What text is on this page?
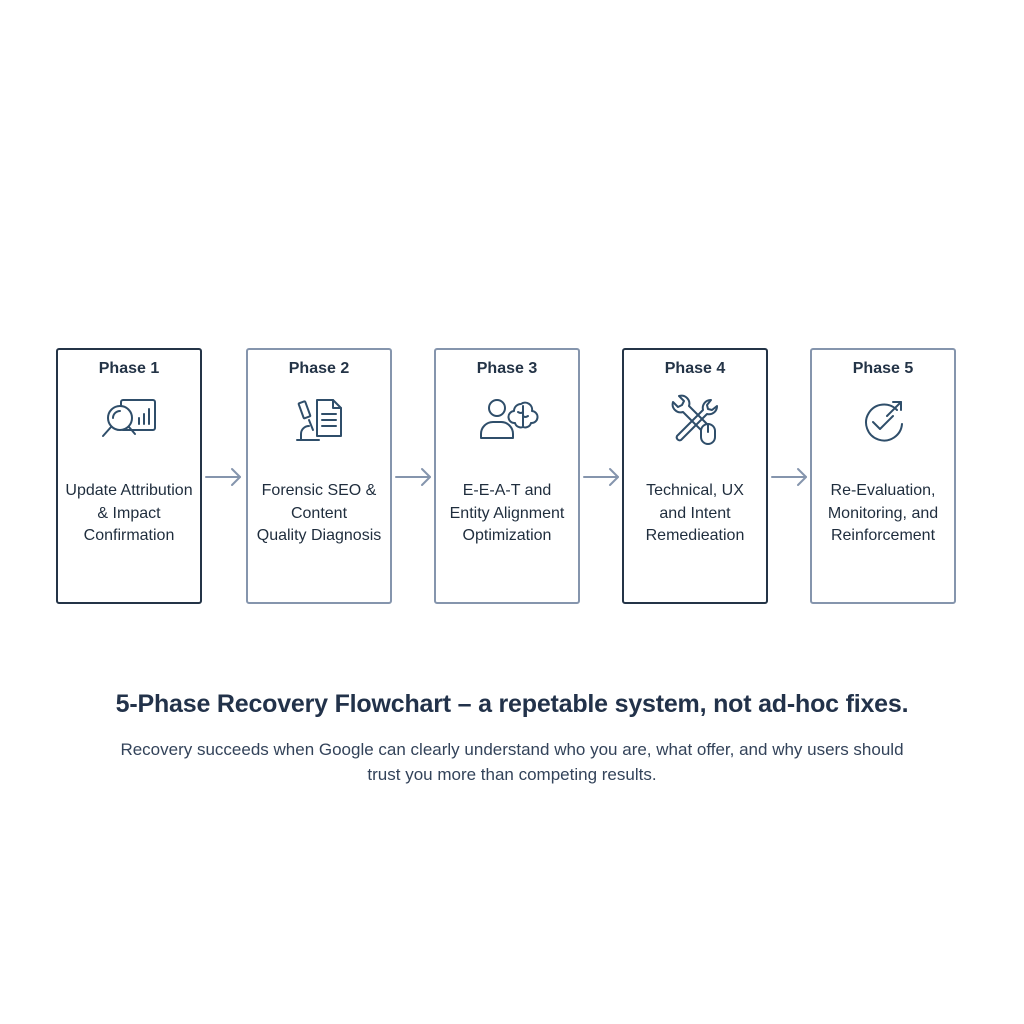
Phase 1
Update Attribution
& Impact
Confirmation
Phase 2
Forensic SEO &
Content
Quality Diagnosis
Phase 3
E-E-A-T and
Entity Alignment
Optimization
Phase 4
Technical, UX
and Intent
Remedieation
Phase 5
Re-Evaluation,
Monitoring, and
Reinforcement
5-Phase Recovery Flowchart – a repetable system, not ad-hoc fixes.
Recovery succeeds when Google can clearly understand who you are, what offer, and why users should
trust you more than competing results.
